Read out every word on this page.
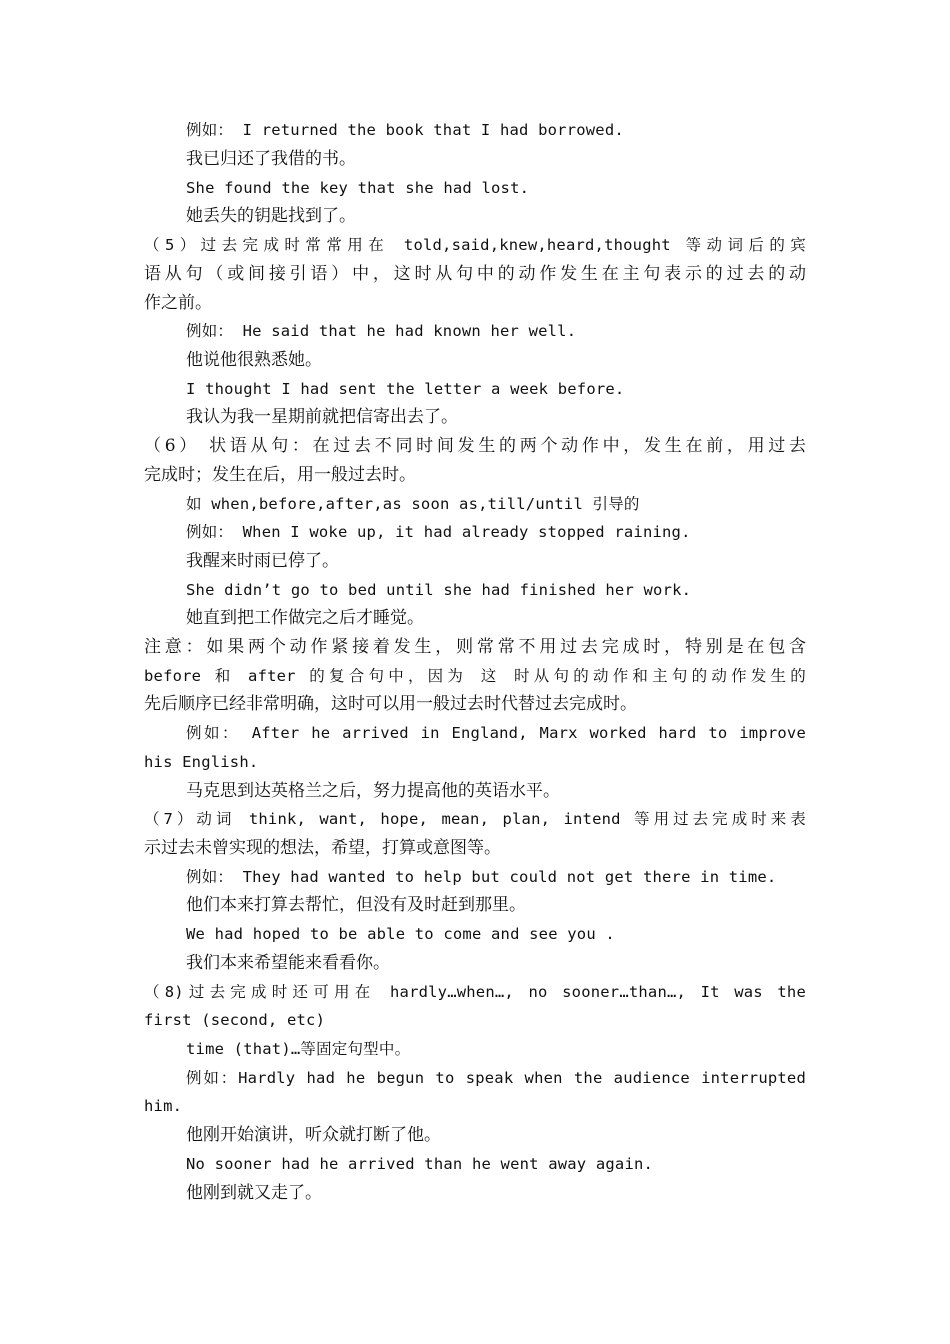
例如： I returned the book that I had borrowed.
我已归还了我借的书。
She found the key that she had lost.
她丢失的钥匙找到了。
（5）过去完成时常常用在 told,said,knew,heard,thought 等动词后的宾
语从句（或间接引语）中，这时从句中的动作发生在主句表示的过去的动
作之前。
例如： He said that he had known her well.
他说他很熟悉她。
I thought I had sent the letter a week before.
我认为我一星期前就把信寄出去了。
（6） 状语从句：在过去不同时间发生的两个动作中，发生在前，用过去
完成时；发生在后，用一般过去时。
如 when,before,after,as soon as,till/until 引导的
例如： When I woke up, it had already stopped raining.
我醒来时雨已停了。
She didn’t go to bed until she had finished her work.
她直到把工作做完之后才睡觉。
注意：如果两个动作紧接着发生，则常常不用过去完成时，特别是在包含
before 和 after 的复合句中，因为 这 时从句的动作和主句的动作发生的
先后顺序已经非常明确，这时可以用一般过去时代替过去完成时。
例如： After he arrived in England, Marx worked hard to improve
his English.
马克思到达英格兰之后，努力提高他的英语水平。
（7）动词 think, want, hope, mean, plan, intend 等用过去完成时来表
示过去未曾实现的想法，希望，打算或意图等。
例如： They had wanted to help but could not get there in time.
他们本来打算去帮忙，但没有及时赶到那里。
We had hoped to be able to come and see you .
我们本来希望能来看看你。
（8)过去完成时还可用在 hardly…when…, no sooner…than…, It was the
first (second, etc)
time (that)…等固定句型中。
例如：Hardly had he begun to speak when the audience interrupted
him.
他刚开始演讲，听众就打断了他。
No sooner had he arrived than he went away again.
他刚到就又走了。
